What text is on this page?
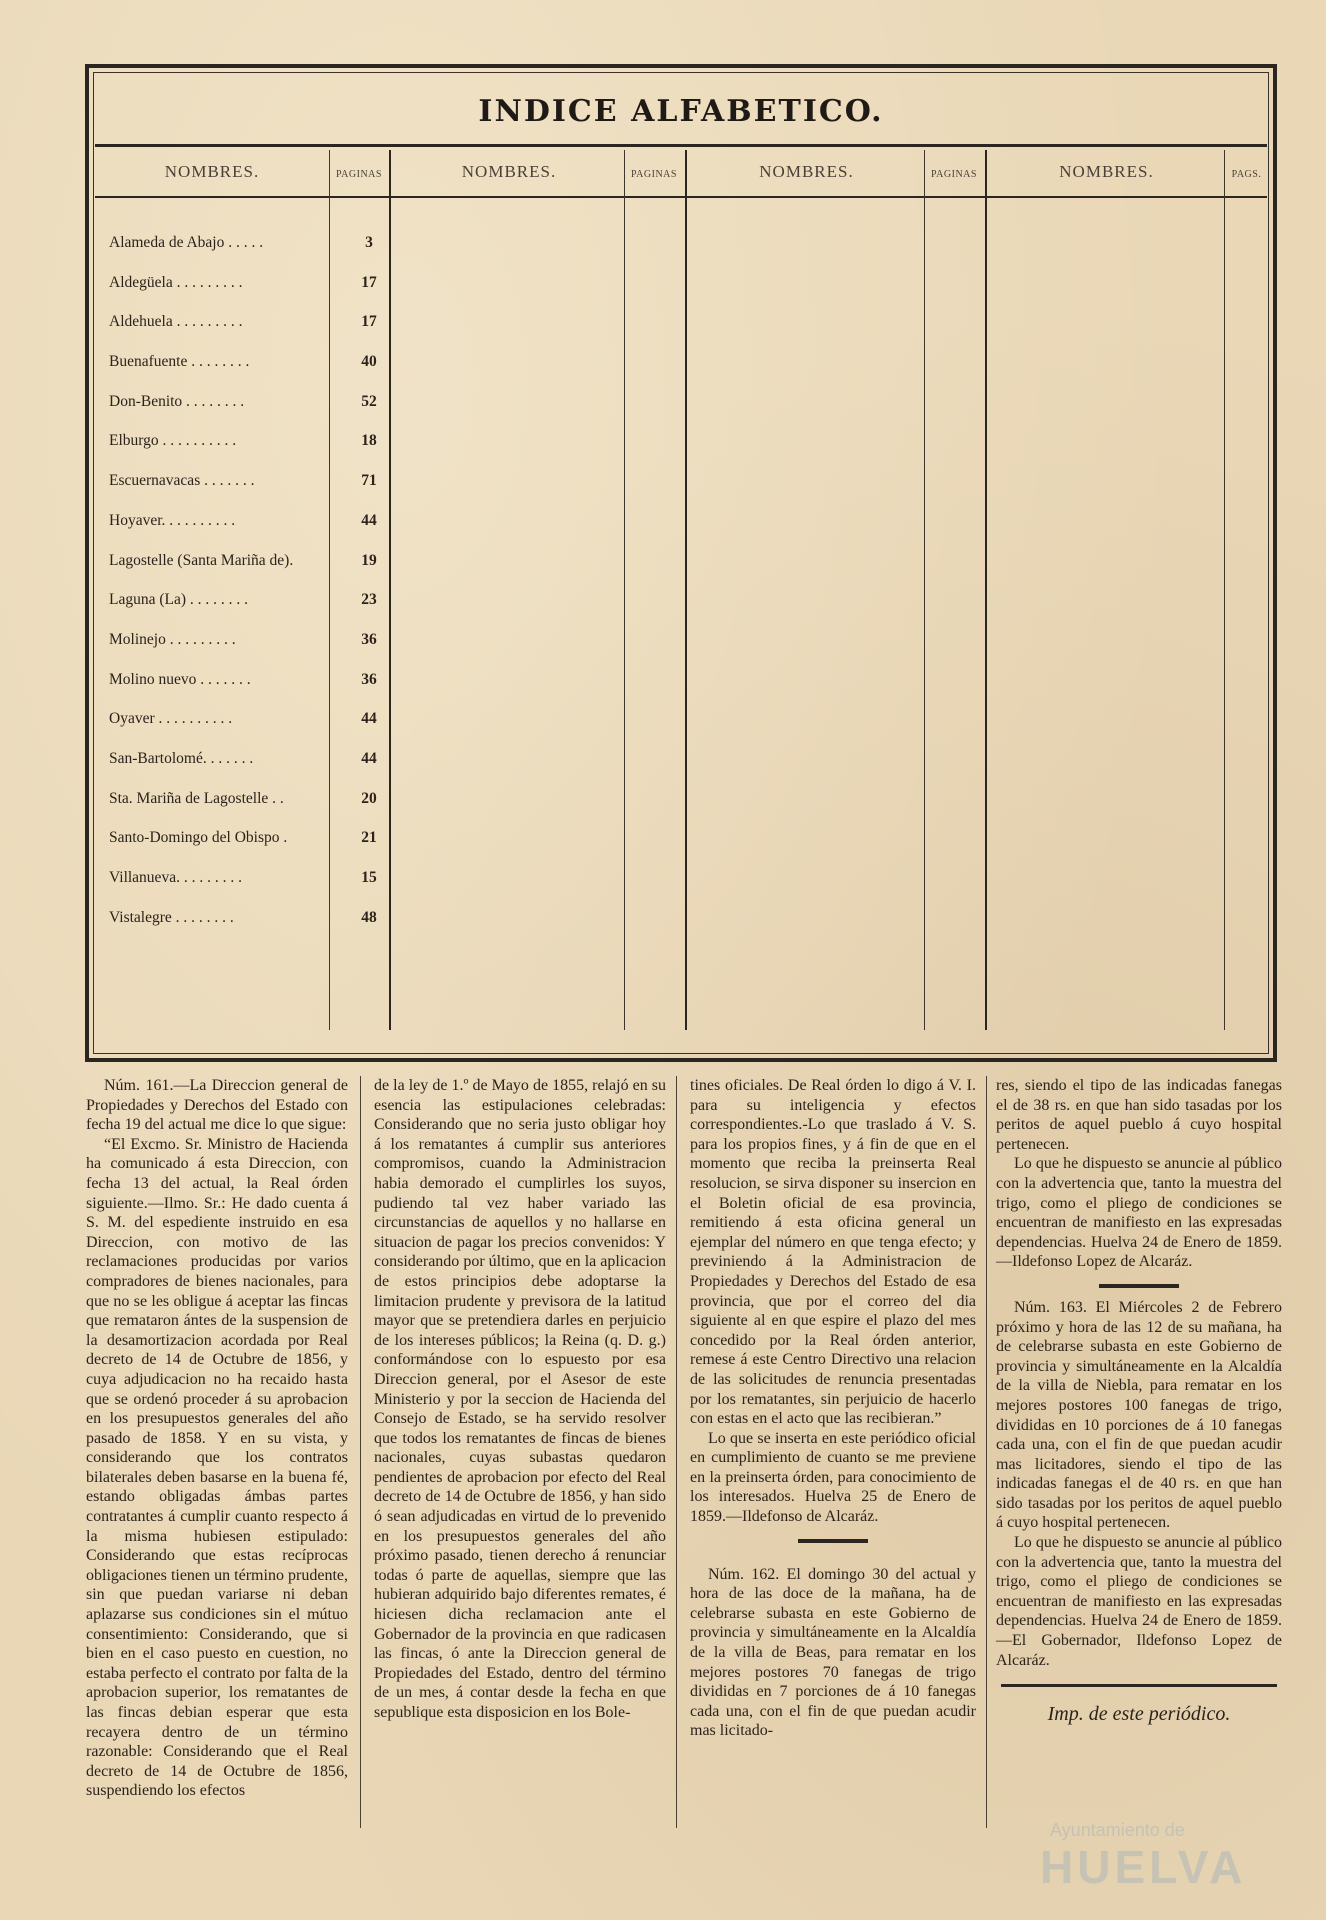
INDICE ALFABETICO.
NOMBRES.	PAGINAS	NOMBRES.	PAGINAS	NOMBRES.	PAGINAS	NOMBRES.	PAGS.
Alameda de Abajo . . . . .	3
Aldegüela . . . . . . . . .	17
Aldehuela . . . . . . . . .	17
Buenafuente . . . . . . . .	40
Don-Benito . . . . . . . .	52
Elburgo . . . . . . . . . .	18
Escuernavacas . . . . . . .	71
Hoyaver. . . . . . . . . .	44
Lagostelle (Santa Mariña de).	19
Laguna (La) . . . . . . . .	23
Molinejo . . . . . . . . .	36
Molino nuevo . . . . . . .	36
Oyaver . . . . . . . . . .	44
San-Bartolomé. . . . . . .	44
Sta. Mariña de Lagostelle . .	20
Santo-Domingo del Obispo .	21
Villanueva. . . . . . . . .	15
Vistalegre . . . . . . . .	48

Núm. 161.—La Direccion general de Propiedades y Derechos del Estado con fecha 19 del actual me dice lo que sigue:

“El Excmo. Sr. Ministro de Hacienda ha comunicado á esta Direccion, con fecha 13 del actual, la Real órden siguiente.—Ilmo. Sr.: He dado cuenta á S. M. del espediente instruido en esa Direccion, con motivo de las reclamaciones producidas por varios compradores de bienes nacionales, para que no se les obligue á aceptar las fincas que remataron ántes de la suspension de la desamortizacion acordada por Real decreto de 14 de Octubre de 1856, y cuya adjudicacion no ha recaido hasta que se ordenó proceder á su aprobacion en los presupuestos generales del año pasado de 1858. Y en su vista, y considerando que los contratos bilaterales deben basarse en la buena fé, estando obligadas ámbas partes contratantes á cumplir cuanto respecto á la misma hubiesen estipulado: Considerando que estas recíprocas obligaciones tienen un término prudente, sin que puedan variarse ni deban aplazarse sus condiciones sin el mútuo consentimiento: Considerando, que si bien en el caso puesto en cuestion, no estaba perfecto el contrato por falta de la aprobacion superior, los rematantes de las fincas debian esperar que esta recayera dentro de un término razonable: Considerando que el Real decreto de 14 de Octubre de 1856, suspendiendo los efectos

de la ley de 1.º de Mayo de 1855, relajó en su esencia las estipulaciones celebradas: Considerando que no seria justo obligar hoy á los rematantes á cumplir sus anteriores compromisos, cuando la Administracion habia demorado el cumplirles los suyos, pudiendo tal vez haber variado las circunstancias de aquellos y no hallarse en situacion de pagar los precios convenidos: Y considerando por último, que en la aplicacion de estos principios debe adoptarse la limitacion prudente y previsora de la latitud mayor que se pretendiera darles en perjuicio de los intereses públicos; la Reina (q. D. g.) conformándose con lo espuesto por esa Direccion general, por el Asesor de este Ministerio y por la seccion de Hacienda del Consejo de Estado, se ha servido resolver que todos los rematantes de fincas de bienes nacionales, cuyas subastas quedaron pendientes de aprobacion por efecto del Real decreto de 14 de Octubre de 1856, y han sido ó sean adjudicadas en virtud de lo prevenido en los presupuestos generales del año próximo pasado, tienen derecho á renunciar todas ó parte de aquellas, siempre que las hubieran adquirido bajo diferentes remates, é hiciesen dicha reclamacion ante el Gobernador de la provincia en que radicasen las fincas, ó ante la Direccion general de Propiedades del Estado, dentro del término de un mes, á contar desde la fecha en que sepublique esta disposicion en los Bole-

tines oficiales. De Real órden lo digo á V. I. para su inteligencia y efectos correspondientes.-Lo que traslado á V. S. para los propios fines, y á fin de que en el momento que reciba la preinserta Real resolucion, se sirva disponer su insercion en el Boletin oficial de esa provincia, remitiendo á esta oficina general un ejemplar del número en que tenga efecto; y previniendo á la Administracion de Propiedades y Derechos del Estado de esa provincia, que por el correo del dia siguiente al en que espire el plazo del mes concedido por la Real órden anterior, remese á este Centro Directivo una relacion de las solicitudes de renuncia presentadas por los rematantes, sin perjuicio de hacerlo con estas en el acto que las recibieran.”

Lo que se inserta en este periódico oficial en cumplimiento de cuanto se me previene en la preinserta órden, para conocimiento de los interesados. Huelva 25 de Enero de 1859.—Ildefonso de Alcaráz.

Núm. 162. El domingo 30 del actual y hora de las doce de la mañana, ha de celebrarse subasta en este Gobierno de provincia y simultáneamente en la Alcaldía de la villa de Beas, para rematar en los mejores postores 70 fanegas de trigo divididas en 7 porciones de á 10 fanegas cada una, con el fin de que puedan acudir mas licitado-

res, siendo el tipo de las indicadas fanegas el de 38 rs. en que han sido tasadas por los peritos de aquel pueblo á cuyo hospital pertenecen.

Lo que he dispuesto se anuncie al público con la advertencia que, tanto la muestra del trigo, como el pliego de condiciones se encuentran de manifiesto en las expresadas dependencias. Huelva 24 de Enero de 1859.—Ildefonso Lopez de Alcaráz.

Núm. 163. El Miércoles 2 de Febrero próximo y hora de las 12 de su mañana, ha de celebrarse subasta en este Gobierno de provincia y simultáneamente en la Alcaldía de la villa de Niebla, para rematar en los mejores postores 100 fanegas de trigo, divididas en 10 porciones de á 10 fanegas cada una, con el fin de que puedan acudir mas licitadores, siendo el tipo de las indicadas fanegas el de 40 rs. en que han sido tasadas por los peritos de aquel pueblo á cuyo hospital pertenecen.

Lo que he dispuesto se anuncie al público con la advertencia que, tanto la muestra del trigo, como el pliego de condiciones se encuentran de manifiesto en las expresadas dependencias. Huelva 24 de Enero de 1859.—El Gobernador, Ildefonso Lopez de Alcaráz.

Imp. de este periódico.
Ayuntamiento de
HUELVA
